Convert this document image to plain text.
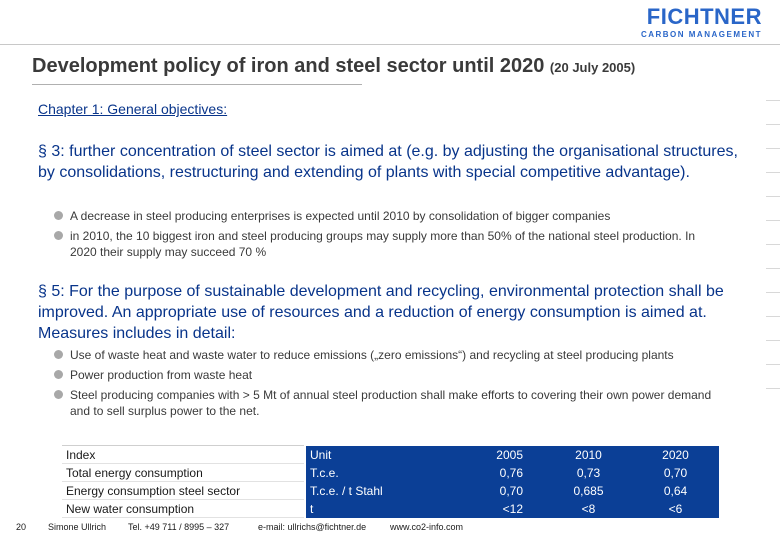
FICHTNER
CARBON MANAGEMENT
Development policy of iron and steel sector until 2020 (20 July 2005)
Chapter 1: General objectives:
§ 3: further concentration of steel sector is aimed at (e.g. by adjusting the organisational structures, by consolidations, restructuring and extending of plants with special competitive advantage).
A decrease in steel producing enterprises is expected until 2010 by consolidation of bigger companies
in 2010, the 10 biggest iron and steel producing groups may supply more than 50% of the national steel production. In 2020 their supply may succeed 70 %
§ 5: For the purpose of sustainable development and recycling, environmental protection shall be improved. An appropriate use of resources and a reduction of energy consumption is aimed at. Measures includes in detail:
Use of waste heat and waste water to reduce emissions („zero emissions“) and recycling at steel producing plants
Power production from waste heat
Steel producing companies with > 5 Mt of annual steel production shall make efforts to covering their own power demand and to sell surplus power to the net.
Index	Unit	2005	2010	2020
Total energy consumption	T.c.e.	0,76	0,73	0,70
Energy consumption steel sector	T.c.e. / t Stahl	0,70	0,685	0,64
New water consumption	t	<12	<8	<6
20 Simone Ullrich Tel. +49 711 / 8995 – 327	e-mail: ullrichs@fichtner.de	www.co2-info.com
